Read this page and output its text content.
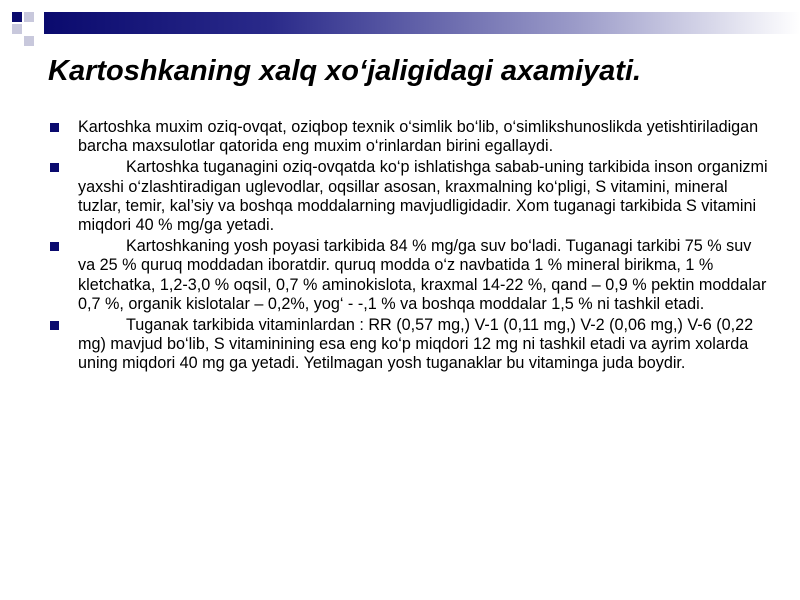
Kartoshkaning xalq xo‘jaligidagi axamiyati.
Kartoshka muxim oziq-ovqat, oziqbop texnik o‘simlik bo‘lib, o‘simlikshunoslikda yetishtiriladigan barcha maxsulotlar qatorida eng muxim o‘rinlardan birini egallaydi.
Kartoshka tuganagini oziq-ovqatda ko‘p ishlatishga sabab-uning tarkibida inson organizmi yaxshi o‘zlashtiradigan uglevodlar, oqsillar asosan, kraxmalning ko‘pligi, S vitamini, mineral tuzlar, temir, kal’siy va boshqa moddalarning mavjudligidadir. Xom tuganagi tarkibida S vitamini miqdori 40 % mg/ga yetadi.
Kartoshkaning yosh poyasi tarkibida 84 % mg/ga suv bo‘ladi. Tuganagi tarkibi 75 % suv va 25 % quruq moddadan iboratdir. quruq modda o‘z navbatida 1 % mineral birikma, 1 % kletchatka, 1,2-3,0 % oqsil, 0,7 % aminokislota, kraxmal 14-22 %, qand – 0,9 % pektin moddalar 0,7 %, organik kislotalar – 0,2%, yog‘ - -,1 % va boshqa moddalar 1,5 % ni tashkil etadi.
Tuganak tarkibida vitaminlardan : RR (0,57 mg,) V-1 (0,11 mg,) V-2 (0,06 mg,) V-6 (0,22 mg) mavjud bo‘lib, S vitaminining esa eng ko‘p miqdori 12 mg ni tashkil etadi va ayrim xolarda uning miqdori 40 mg ga yetadi. Yetilmagan yosh tuganaklar bu vitaminga juda boydir.
